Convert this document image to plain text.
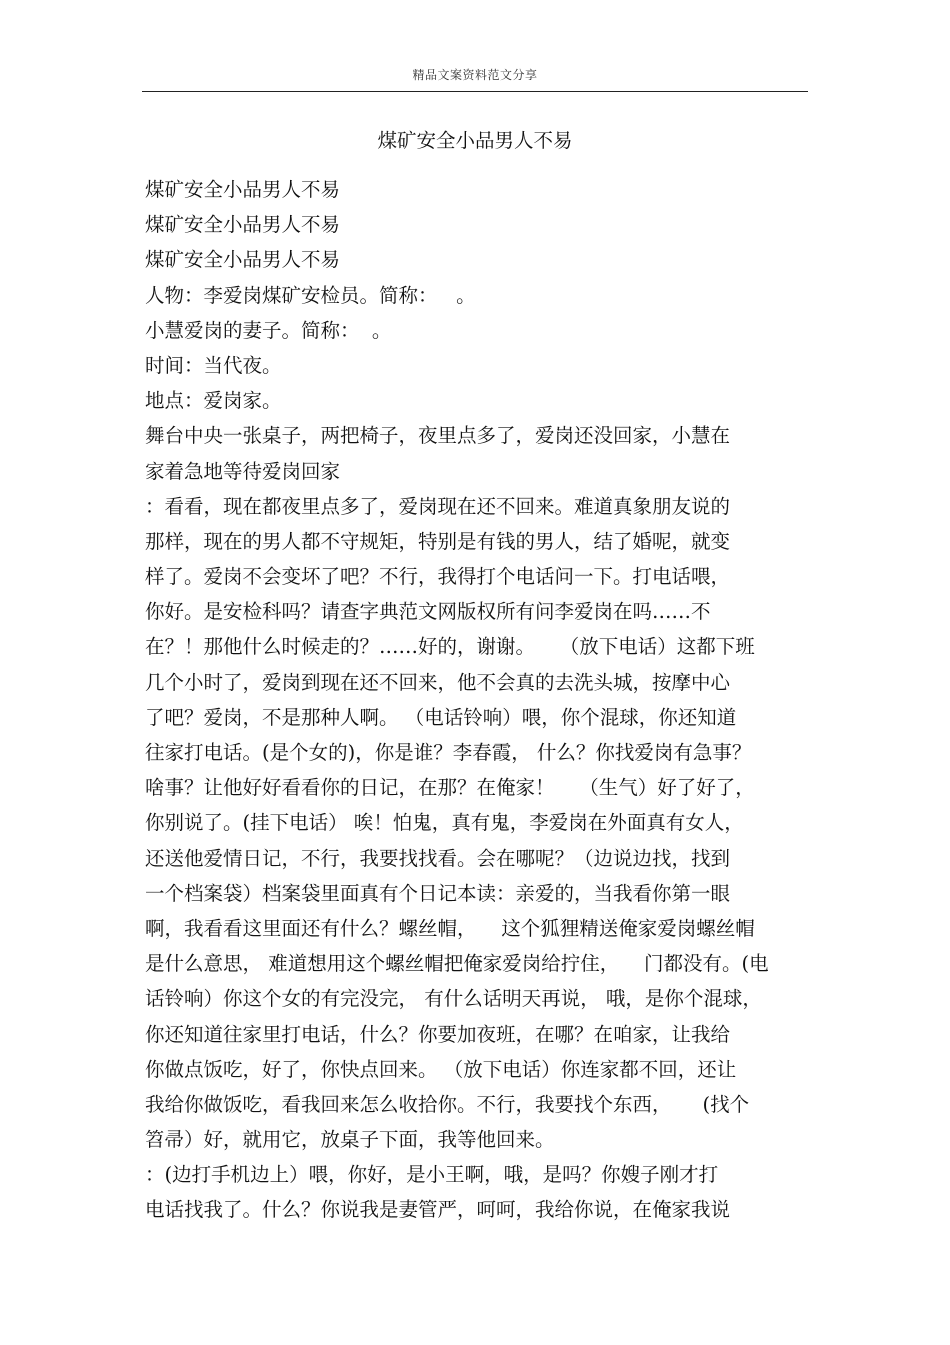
精品文案资料范文分享
煤矿安全小品男人不易
煤矿安全小品男人不易
煤矿安全小品男人不易
煤矿安全小品男人不易
人物：李爱岗煤矿安检员。简称：   。
小慧爱岗的妻子。简称：  。
时间：当代夜。
地点：爱岗家。
舞台中央一张桌子，两把椅子，夜里点多了，爱岗还没回家，小慧在
家着急地等待爱岗回家
：看看，现在都夜里点多了，爱岗现在还不回来。难道真象朋友说的
那样，现在的男人都不守规矩，特别是有钱的男人，结了婚呢，就变
样了。爱岗不会变坏了吧？不行，我得打个电话问一下。打电话喂，
你好。是安检科吗？请查字典范文网版权所有问李爱岗在吗……不
在？！那他什么时候走的？……好的，谢谢。    （放下电话）这都下班
几个小时了，爱岗到现在还不回来，他不会真的去洗头城，按摩中心
了吧？爱岗，不是那种人啊。 （电话铃响）喂，你个混球，你还知道
往家打电话。(是个女的)，你是谁？李春霞， 什么？你找爱岗有急事？
啥事？让他好好看看你的日记，在那？在俺家！    （生气）好了好了，
你别说了。(挂下电话） 唉！怕鬼，真有鬼，李爱岗在外面真有女人，
还送他爱情日记，不行，我要找找看。会在哪呢？（边说边找，找到
一个档案袋）档案袋里面真有个日记本读：亲爱的，当我看你第一眼
啊，我看看这里面还有什么？螺丝帽，    这个狐狸精送俺家爱岗螺丝帽
是什么意思， 难道想用这个螺丝帽把俺家爱岗给拧住，    门都没有。(电
话铃响）你这个女的有完没完， 有什么话明天再说， 哦，是你个混球，
你还知道往家里打电话，什么？你要加夜班，在哪？在咱家，让我给
你做点饭吃，好了，你快点回来。 （放下电话）你连家都不回，还让
我给你做饭吃，看我回来怎么收拾你。不行，我要找个东西，     (找个
笤帚）好，就用它，放桌子下面，我等他回来。
：(边打手机边上）喂，你好，是小王啊，哦，是吗？你嫂子刚才打
电话找我了。什么？你说我是妻管严，呵呵，我给你说，在俺家我说
